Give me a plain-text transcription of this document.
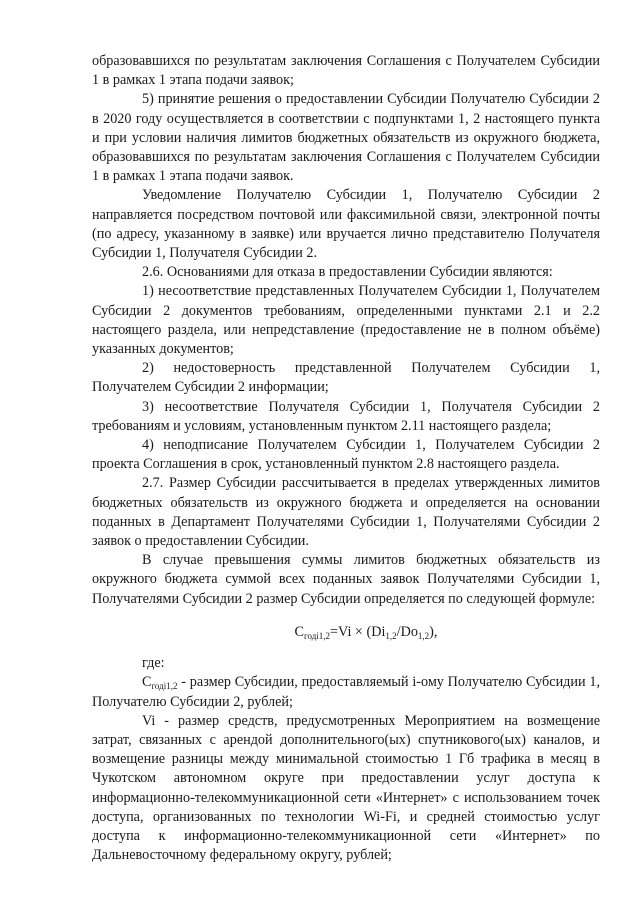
образовавшихся по результатам заключения Соглашения с Получателем Субсидии 1 в рамках 1 этапа подачи заявок;

5) принятие решения о предоставлении Субсидии Получателю Субсидии 2 в 2020 году осуществляется в соответствии с подпунктами 1, 2 настоящего пункта и при условии наличия лимитов бюджетных обязательств из окружного бюджета, образовавшихся по результатам заключения Соглашения с Получателем Субсидии 1 в рамках 1 этапа подачи заявок.

Уведомление Получателю Субсидии 1, Получателю Субсидии 2 направляется посредством почтовой или факсимильной связи, электронной почты (по адресу, указанному в заявке) или вручается лично представителю Получателя Субсидии 1, Получателя Субсидии 2.

2.6. Основаниями для отказа в предоставлении Субсидии являются:

1) несоответствие представленных Получателем Субсидии 1, Получателем Субсидии 2 документов требованиям, определенными пунктами 2.1 и 2.2 настоящего раздела, или непредставление (предоставление не в полном объёме) указанных документов;

2) недостоверность представленной Получателем Субсидии 1, Получателем Субсидии 2 информации;

3) несоответствие Получателя Субсидии 1, Получателя Субсидии 2 требованиям и условиям, установленным пунктом 2.11 настоящего раздела;

4) неподписание Получателем Субсидии 1, Получателем Субсидии 2 проекта Соглашения в срок, установленный пунктом 2.8 настоящего раздела.

2.7. Размер Субсидии рассчитывается в пределах утвержденных лимитов бюджетных обязательств из окружного бюджета и определяется на основании поданных в Департамент Получателями Субсидии 1, Получателями Субсидии 2 заявок о предоставлении Субсидии.

В случае превышения суммы лимитов бюджетных обязательств из окружного бюджета суммой всех поданных заявок Получателями Субсидии 1, Получателями Субсидии 2 размер Субсидии определяется по следующей формуле:

$С_{годi1,2}=Vi \times (Di_{1,2}/Do_{1,2})$,

где:

$С_{годi1,2}$ - размер Субсидии, предоставляемый i-ому Получателю Субсидии 1, Получателю Субсидии 2, рублей;

Vi - размер средств, предусмотренных Мероприятием на возмещение затрат, связанных с арендой дополнительного(ых) спутникового(ых) каналов, и возмещение разницы между минимальной стоимостью 1 Гб трафика в месяц в Чукотском автономном округе при предоставлении услуг доступа к информационно-телекоммуникационной сети «Интернет» с использованием точек доступа, организованных по технологии Wi-Fi, и средней стоимостью услуг доступа к информационно-телекоммуникационной сети «Интернет» по Дальневосточному федеральному округу, рублей;
